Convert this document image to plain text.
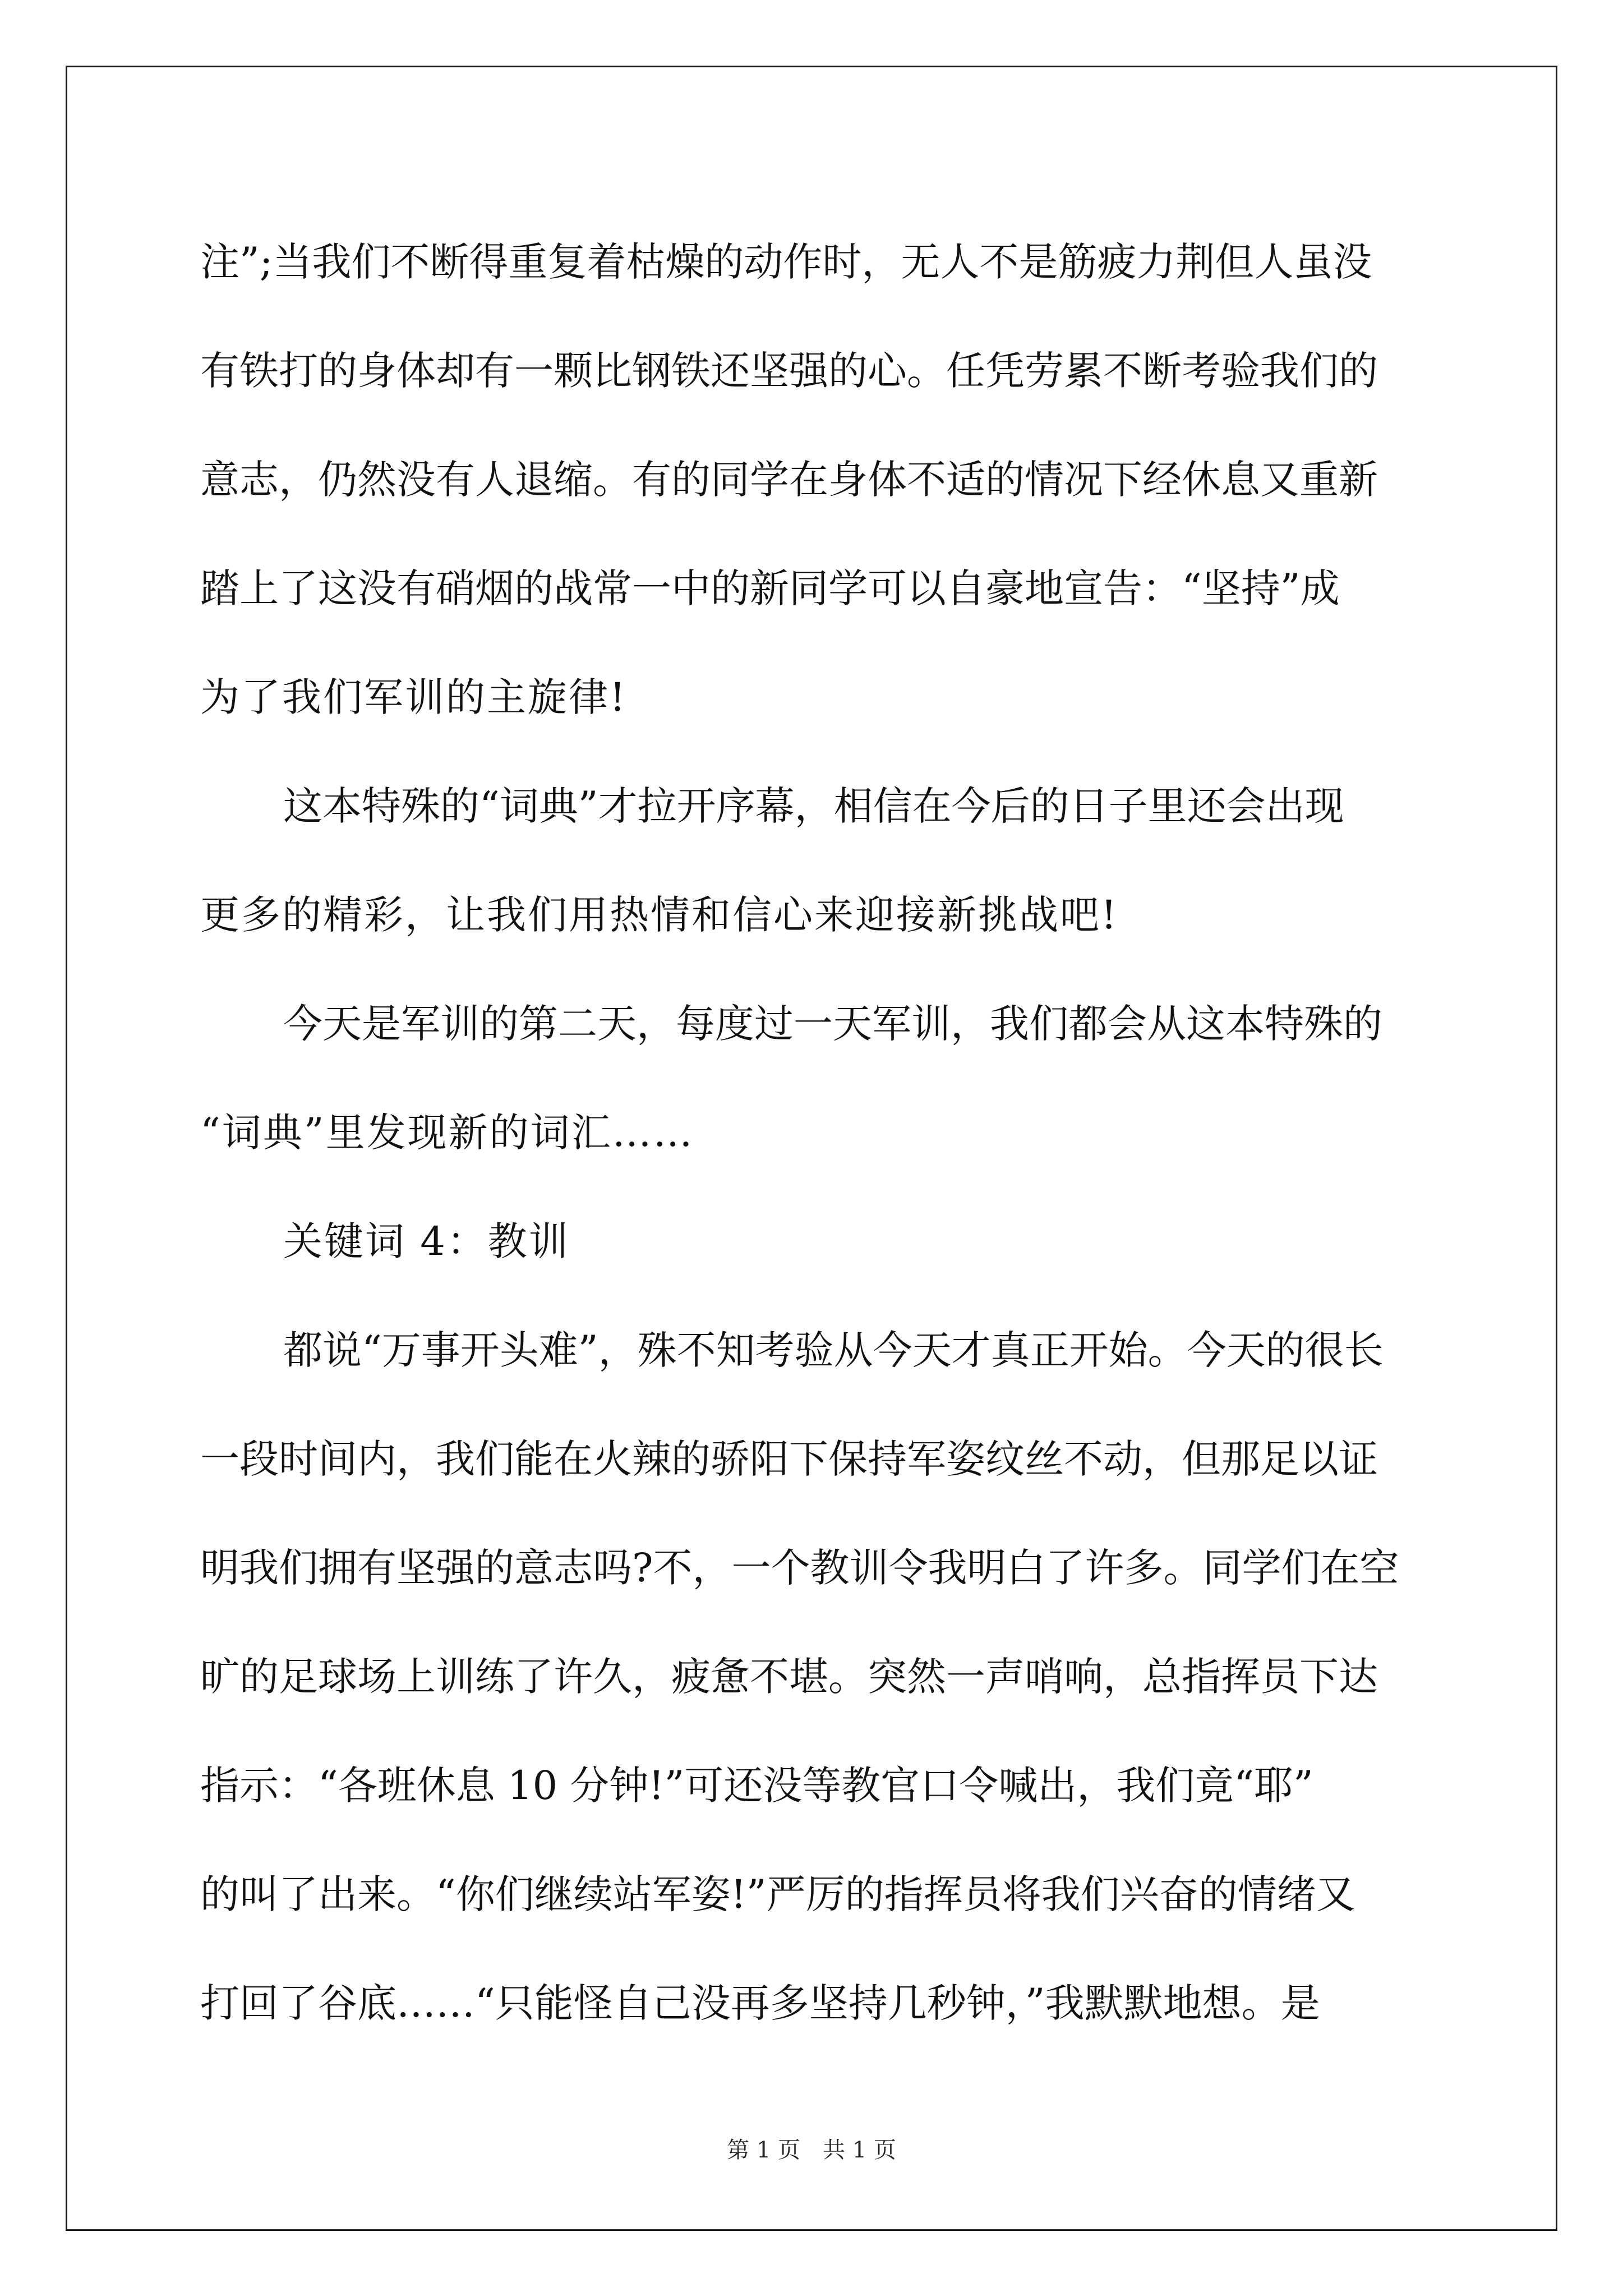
注”;当我们不断得重复着枯燥的动作时，无人不是筋疲力荆但人虽没
有铁打的身体却有一颗比钢铁还坚强的心。任凭劳累不断考验我们的
意志，仍然没有人退缩。有的同学在身体不适的情况下经休息又重新
踏上了这没有硝烟的战常一中的新同学可以自豪地宣告：“坚持”成
为了我们军训的主旋律!
这本特殊的“词典”才拉开序幕，相信在今后的日子里还会出现
更多的精彩，让我们用热情和信心来迎接新挑战吧!
今天是军训的第二天，每度过一天军训，我们都会从这本特殊的
“词典”里发现新的词汇……
关键词 4：教训
都说“万事开头难”，殊不知考验从今天才真正开始。今天的很长
一段时间内，我们能在火辣的骄阳下保持军姿纹丝不动，但那足以证
明我们拥有坚强的意志吗?不，一个教训令我明白了许多。同学们在空
旷的足球场上训练了许久，疲惫不堪。突然一声哨响，总指挥员下达
指示：“各班休息 10 分钟!”可还没等教官口令喊出，我们竟“耶”
的叫了出来。“你们继续站军姿!”严厉的指挥员将我们兴奋的情绪又
打回了谷底……“只能怪自己没再多坚持几秒钟，”我默默地想。是

第 1 页 共 1 页
